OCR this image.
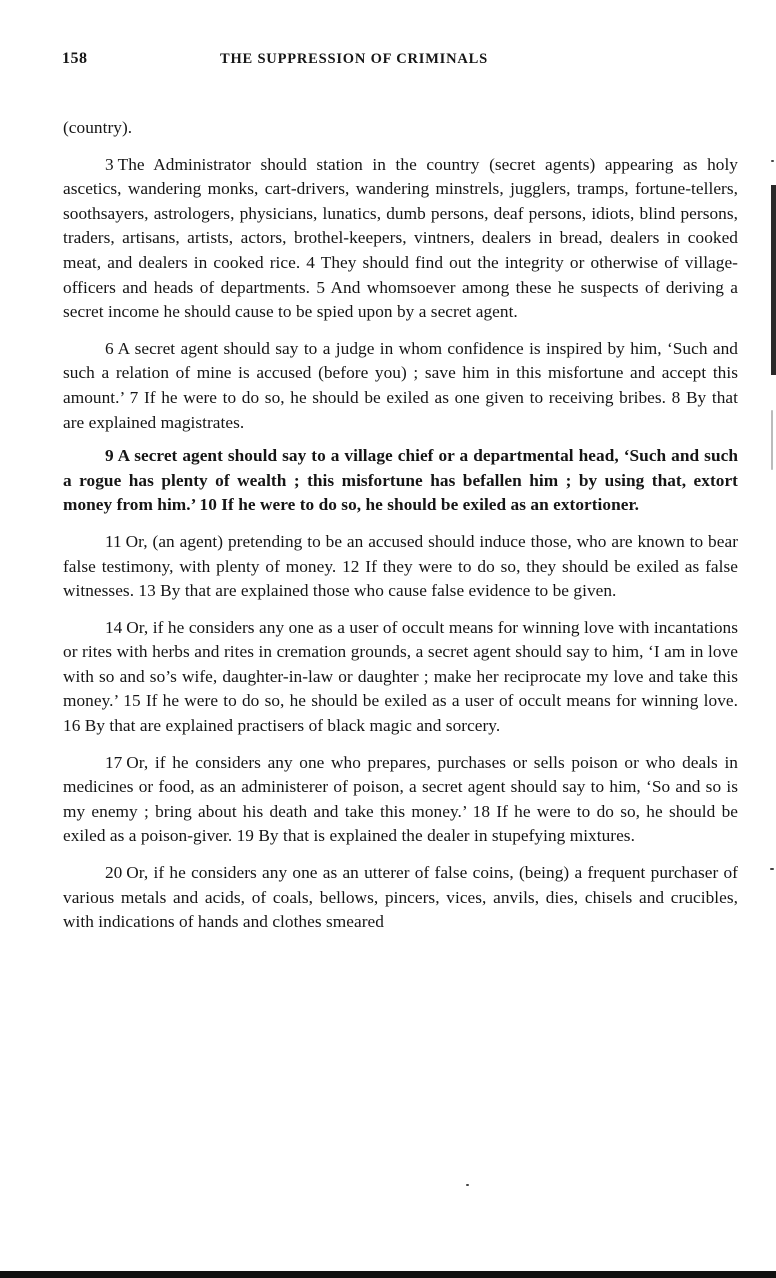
158	THE SUPPRESSION OF CRIMINALS

(country).

3 The Administrator should station in the country (secret agents) appearing as holy ascetics, wandering monks, cart-drivers, wandering minstrels, jugglers, tramps, fortune-tellers, soothsayers, astrologers, physicians, lunatics, dumb persons, deaf persons, idiots, blind persons, traders, artisans, artists, actors, brothel-keepers, vintners, dealers in bread, dealers in cooked meat, and dealers in cooked rice. 4 They should find out the integrity or otherwise of village-officers and heads of departments. 5 And whomsoever among these he suspects of deriving a secret income he should cause to be spied upon by a secret agent.

6 A secret agent should say to a judge in whom confidence is inspired by him, ‘Such and such a relation of mine is accused (before you) ; save him in this misfortune and accept this amount.’ 7 If he were to do so, he should be exiled as one given to receiving bribes. 8 By that are explained magistrates.

9 A secret agent should say to a village chief or a departmental head, ‘Such and such a rogue has plenty of wealth ; this misfortune has befallen him ; by using that, extort money from him.’ 10 If he were to do so, he should be exiled as an extortioner.

11 Or, (an agent) pretending to be an accused should induce those, who are known to bear false testimony, with plenty of money. 12 If they were to do so, they should be exiled as false witnesses. 13 By that are explained those who cause false evidence to be given.

14 Or, if he considers any one as a user of occult means for winning love with incantations or rites with herbs and rites in cremation grounds, a secret agent should say to him, ‘I am in love with so and so’s wife, daughter-in-law or daughter ; make her reciprocate my love and take this money.’ 15 If he were to do so, he should be exiled as a user of occult means for winning love. 16 By that are explained practisers of black magic and sorcery.

17 Or, if he considers any one who prepares, purchases or sells poison or who deals in medicines or food, as an administerer of poison, a secret agent should say to him, ‘So and so is my enemy ; bring about his death and take this money.’ 18 If he were to do so, he should be exiled as a poison-giver. 19 By that is explained the dealer in stupefying mixtures.

20 Or, if he considers any one as an utterer of false coins, (being) a frequent purchaser of various metals and acids, of coals, bellows, pincers, vices, anvils, dies, chisels and crucibles, with indications of hands and clothes smeared
